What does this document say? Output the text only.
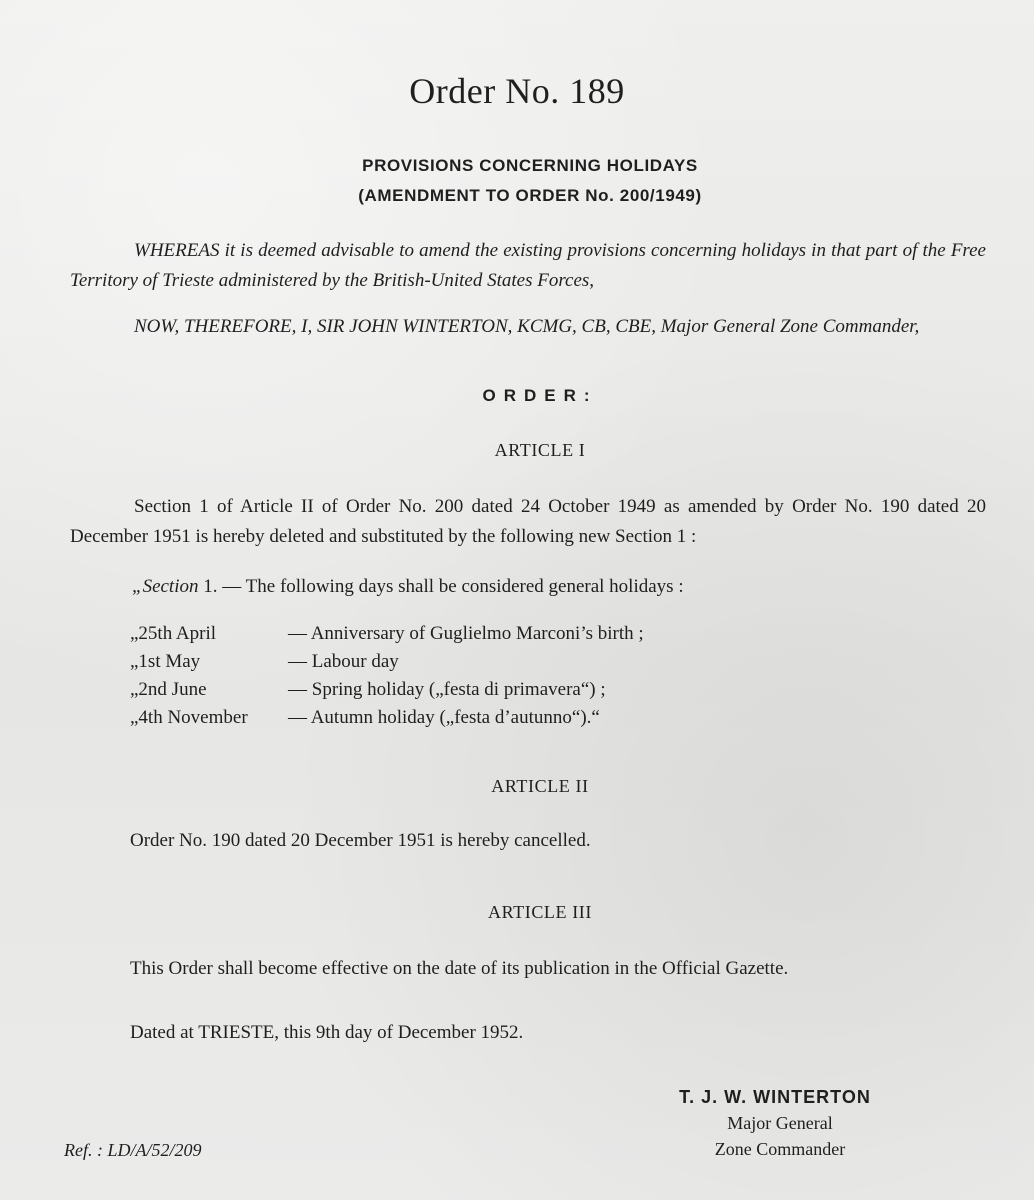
Order No. 189
PROVISIONS CONCERNING HOLIDAYS
(AMENDMENT TO ORDER No. 200/1949)
WHEREAS it is deemed advisable to amend the existing provisions concerning holidays in that part of the Free Territory of Trieste administered by the British-United States Forces,
NOW, THEREFORE, I, SIR JOHN WINTERTON, KCMG, CB, CBE, Major General Zone Commander,
ORDER:
ARTICLE I
Section 1 of Article II of Order No. 200 dated 24 October 1949 as amended by Order No. 190 dated 20 December 1951 is hereby deleted and substituted by the following new Section 1 :
„Section 1. — The following days shall be considered general holidays :
„25th April	— Anniversary of Guglielmo Marconi’s birth ;
„1st May	— Labour day
„2nd June	— Spring holiday („festa di primavera“) ;
„4th November	— Autumn holiday („festa d’autunno“).“
ARTICLE II
Order No. 190 dated 20 December 1951 is hereby cancelled.
ARTICLE III
This Order shall become effective on the date of its publication in the Official Gazette.
Dated at TRIESTE, this 9th day of December 1952.
T. J. W. WINTERTON
Major General
Zone Commander
Ref. : LD/A/52/209
